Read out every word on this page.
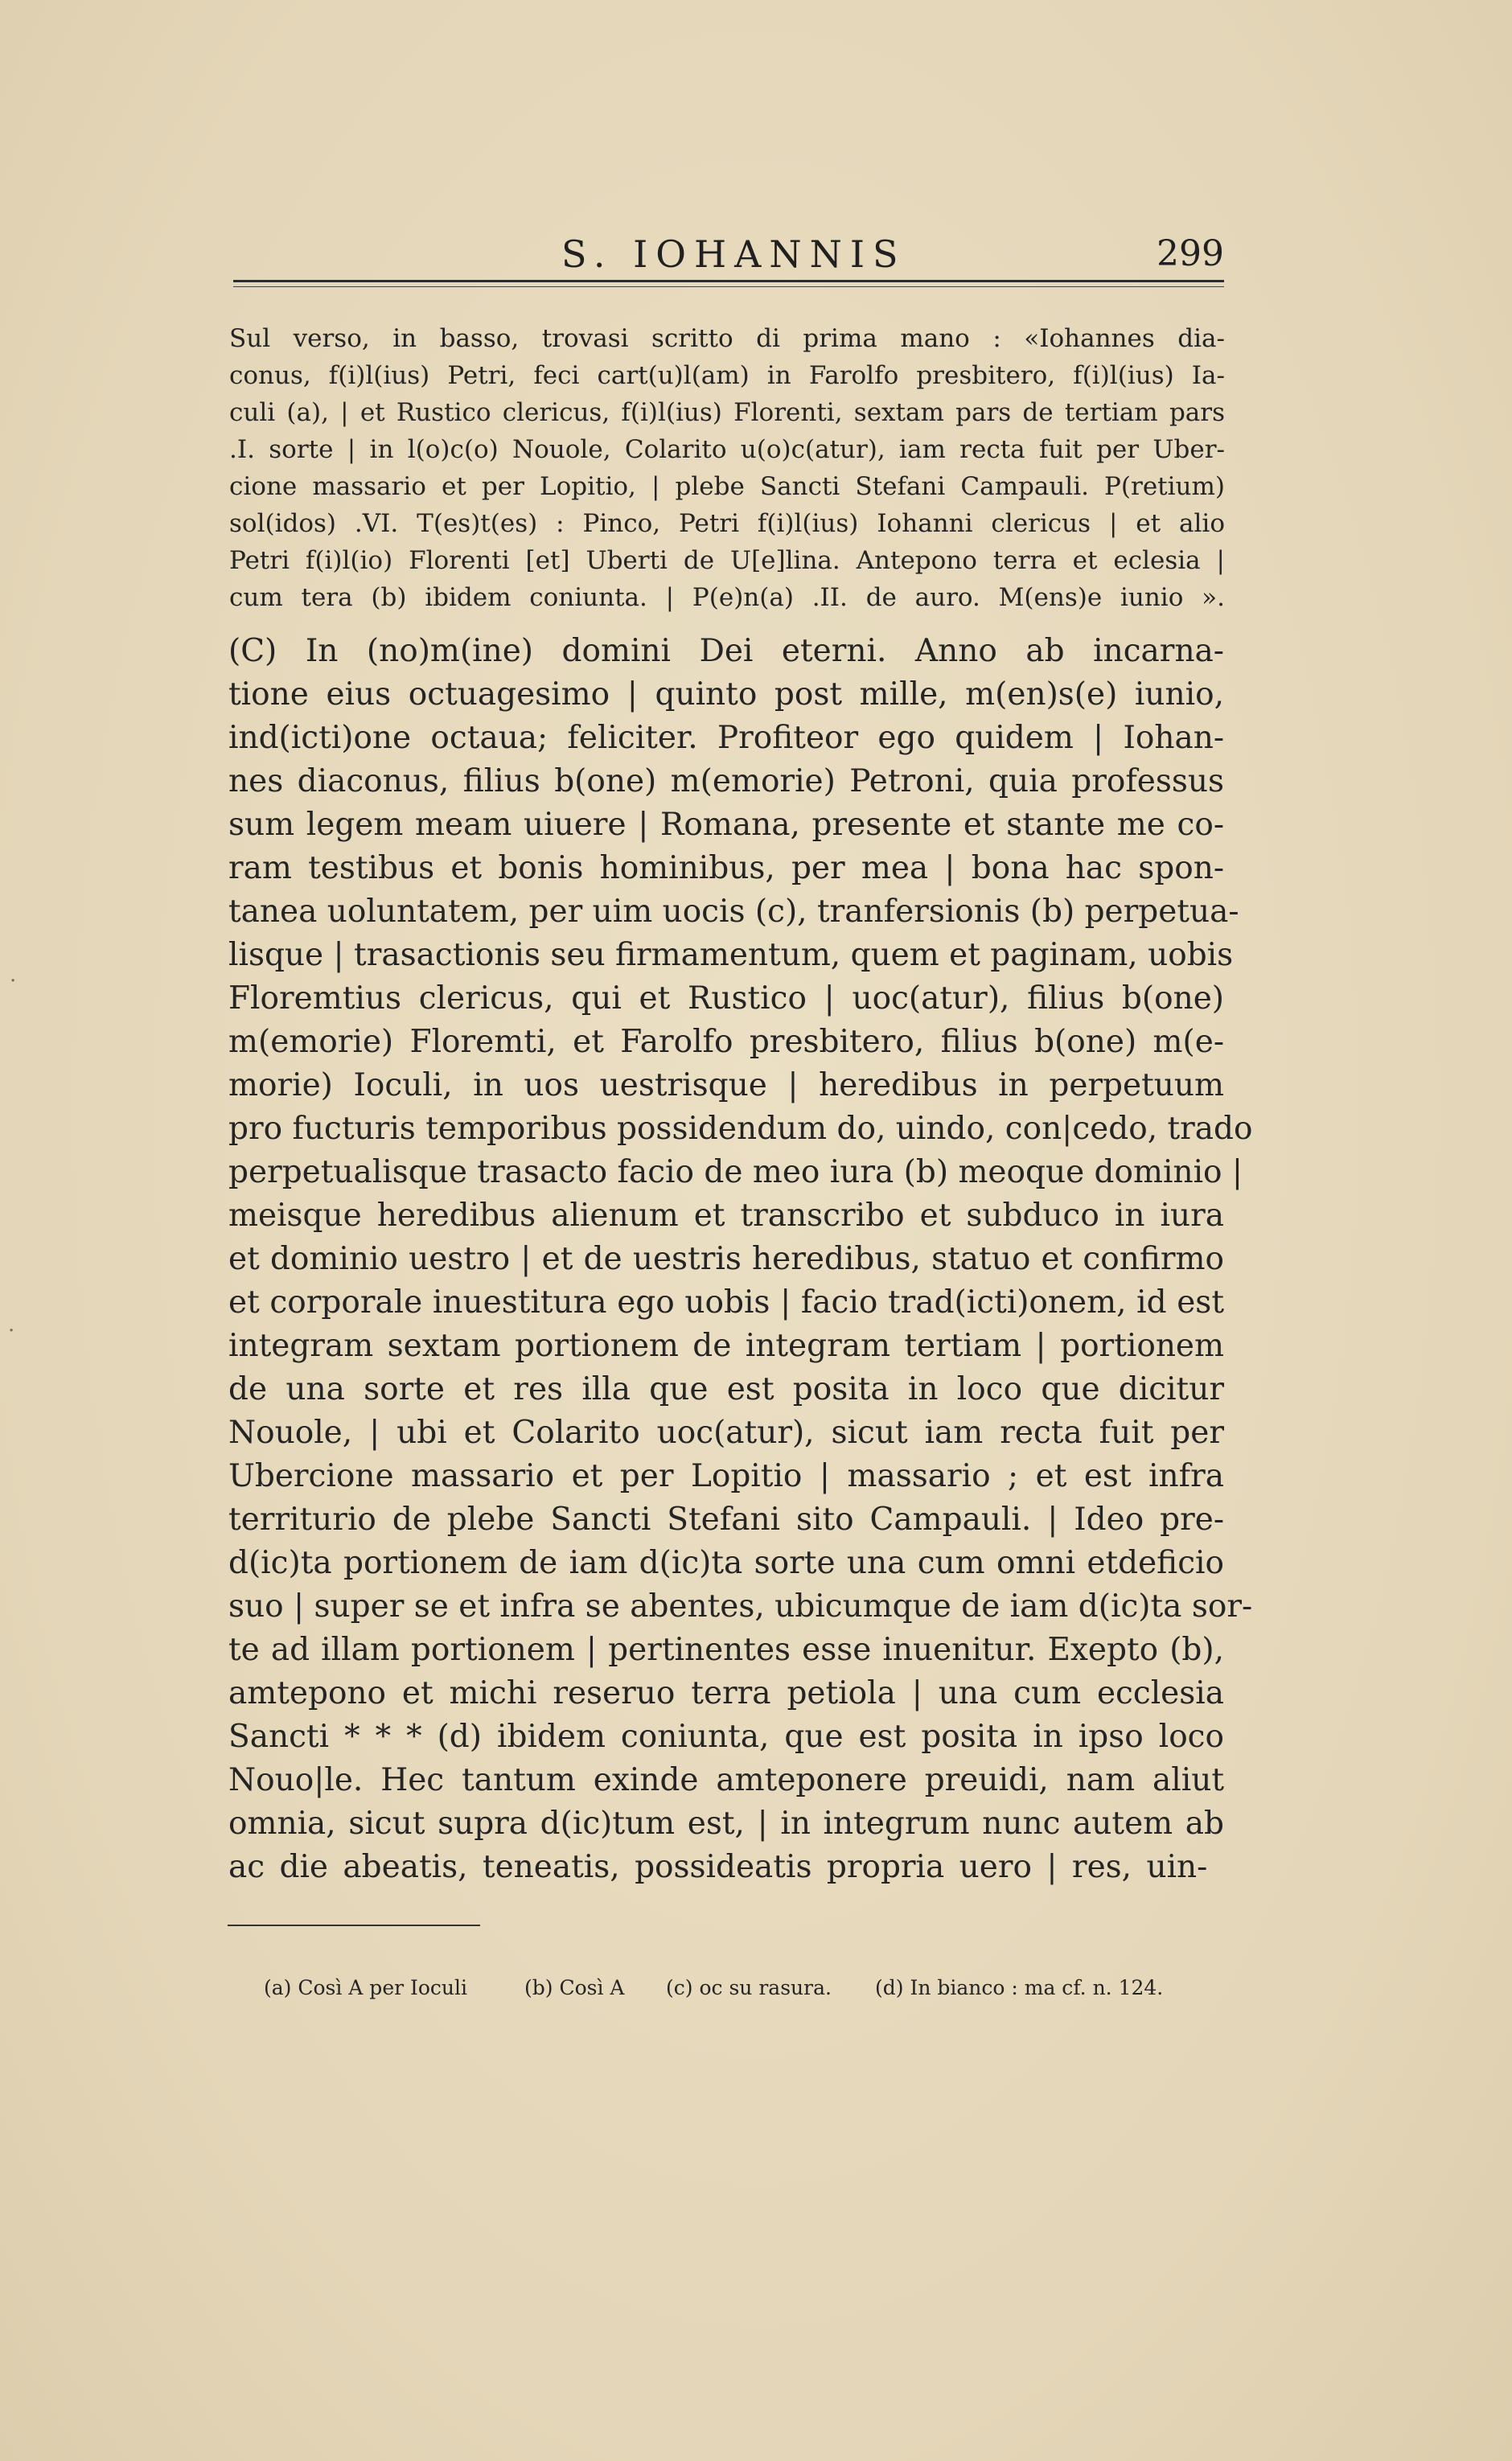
S. IOHANNIS	299
Sul verso, in basso, trovasi scritto di prima mano : «Iohannes dia-
conus, f(i)l(ius) Petri, feci cart(u)l(am) in Farolfo presbitero, f(i)l(ius) Ia-
culi (a), | et Rustico clericus, f(i)l(ius) Florenti, sextam pars de tertiam pars
.I. sorte | in l(o)c(o) Nouole, Colarito u(o)c(atur), iam recta fuit per Uber-
cione massario et per Lopitio, | plebe Sancti Stefani Campauli. P(retium)
sol(idos) .VI. T(es)t(es) : Pinco, Petri f(i)l(ius) Iohanni clericus | et alio
Petri f(i)l(io) Florenti [et] Uberti de U[e]lina. Antepono terra et eclesia |
cum tera (b) ibidem coniunta. | P(e)n(a) .II. de auro. M(ens)e iunio ».
(C) In (no)m(ine) domini Dei eterni. Anno ab incarna-
tione eius octuagesimo | quinto post mille, m(en)s(e) iunio,
ind(icti)one octaua; feliciter. Profiteor ego quidem | Iohan-
nes diaconus, filius b(one) m(emorie) Petroni, quia professus
sum legem meam uiuere | Romana, presente et stante me co-
ram testibus et bonis hominibus, per mea | bona hac spon-
tanea uoluntatem, per uim uocis (c), tranfersionis (b) perpetua-
lisque | trasactionis seu firmamentum, quem et paginam, uobis
Floremtius clericus, qui et Rustico | uoc(atur), filius b(one)
m(emorie) Floremti, et Farolfo presbitero, filius b(one) m(e-
morie) Ioculi, in uos uestrisque | heredibus in perpetuum
pro fucturis temporibus possidendum do, uindo, con|cedo, trado
perpetualisque trasacto facio de meo iura (b) meoque dominio |
meisque heredibus alienum et transcribo et subduco in iura
et dominio uestro | et de uestris heredibus, statuo et confirmo
et corporale inuestitura ego uobis | facio trad(icti)onem, id est
integram sextam portionem de integram tertiam | portionem
de una sorte et res illa que est posita in loco que dicitur
Nouole, | ubi et Colarito uoc(atur), sicut iam recta fuit per
Ubercione massario et per Lopitio | massario ; et est infra
territurio de plebe Sancti Stefani sito Campauli. | Ideo pre-
d(ic)ta portionem de iam d(ic)ta sorte una cum omni etdeficio
suo | super se et infra se abentes, ubicumque de iam d(ic)ta sor-
te ad illam portionem | pertinentes esse inuenitur. Exepto (b),
amtepono et michi reseruo terra petiola | una cum ecclesia
Sancti * * * (d) ibidem coniunta, que est posita in ipso loco
Nouo|le. Hec tantum exinde amteponere preuidi, nam aliut
omnia, sicut supra d(ic)tum est, | in integrum nunc autem ab
ac die abeatis, teneatis, possideatis propria uero | res, uin-
(a) Così A per Ioculi	(b) Così A (c) oc su rasura. (d) In bianco : ma cf. n. 124.
·
·
